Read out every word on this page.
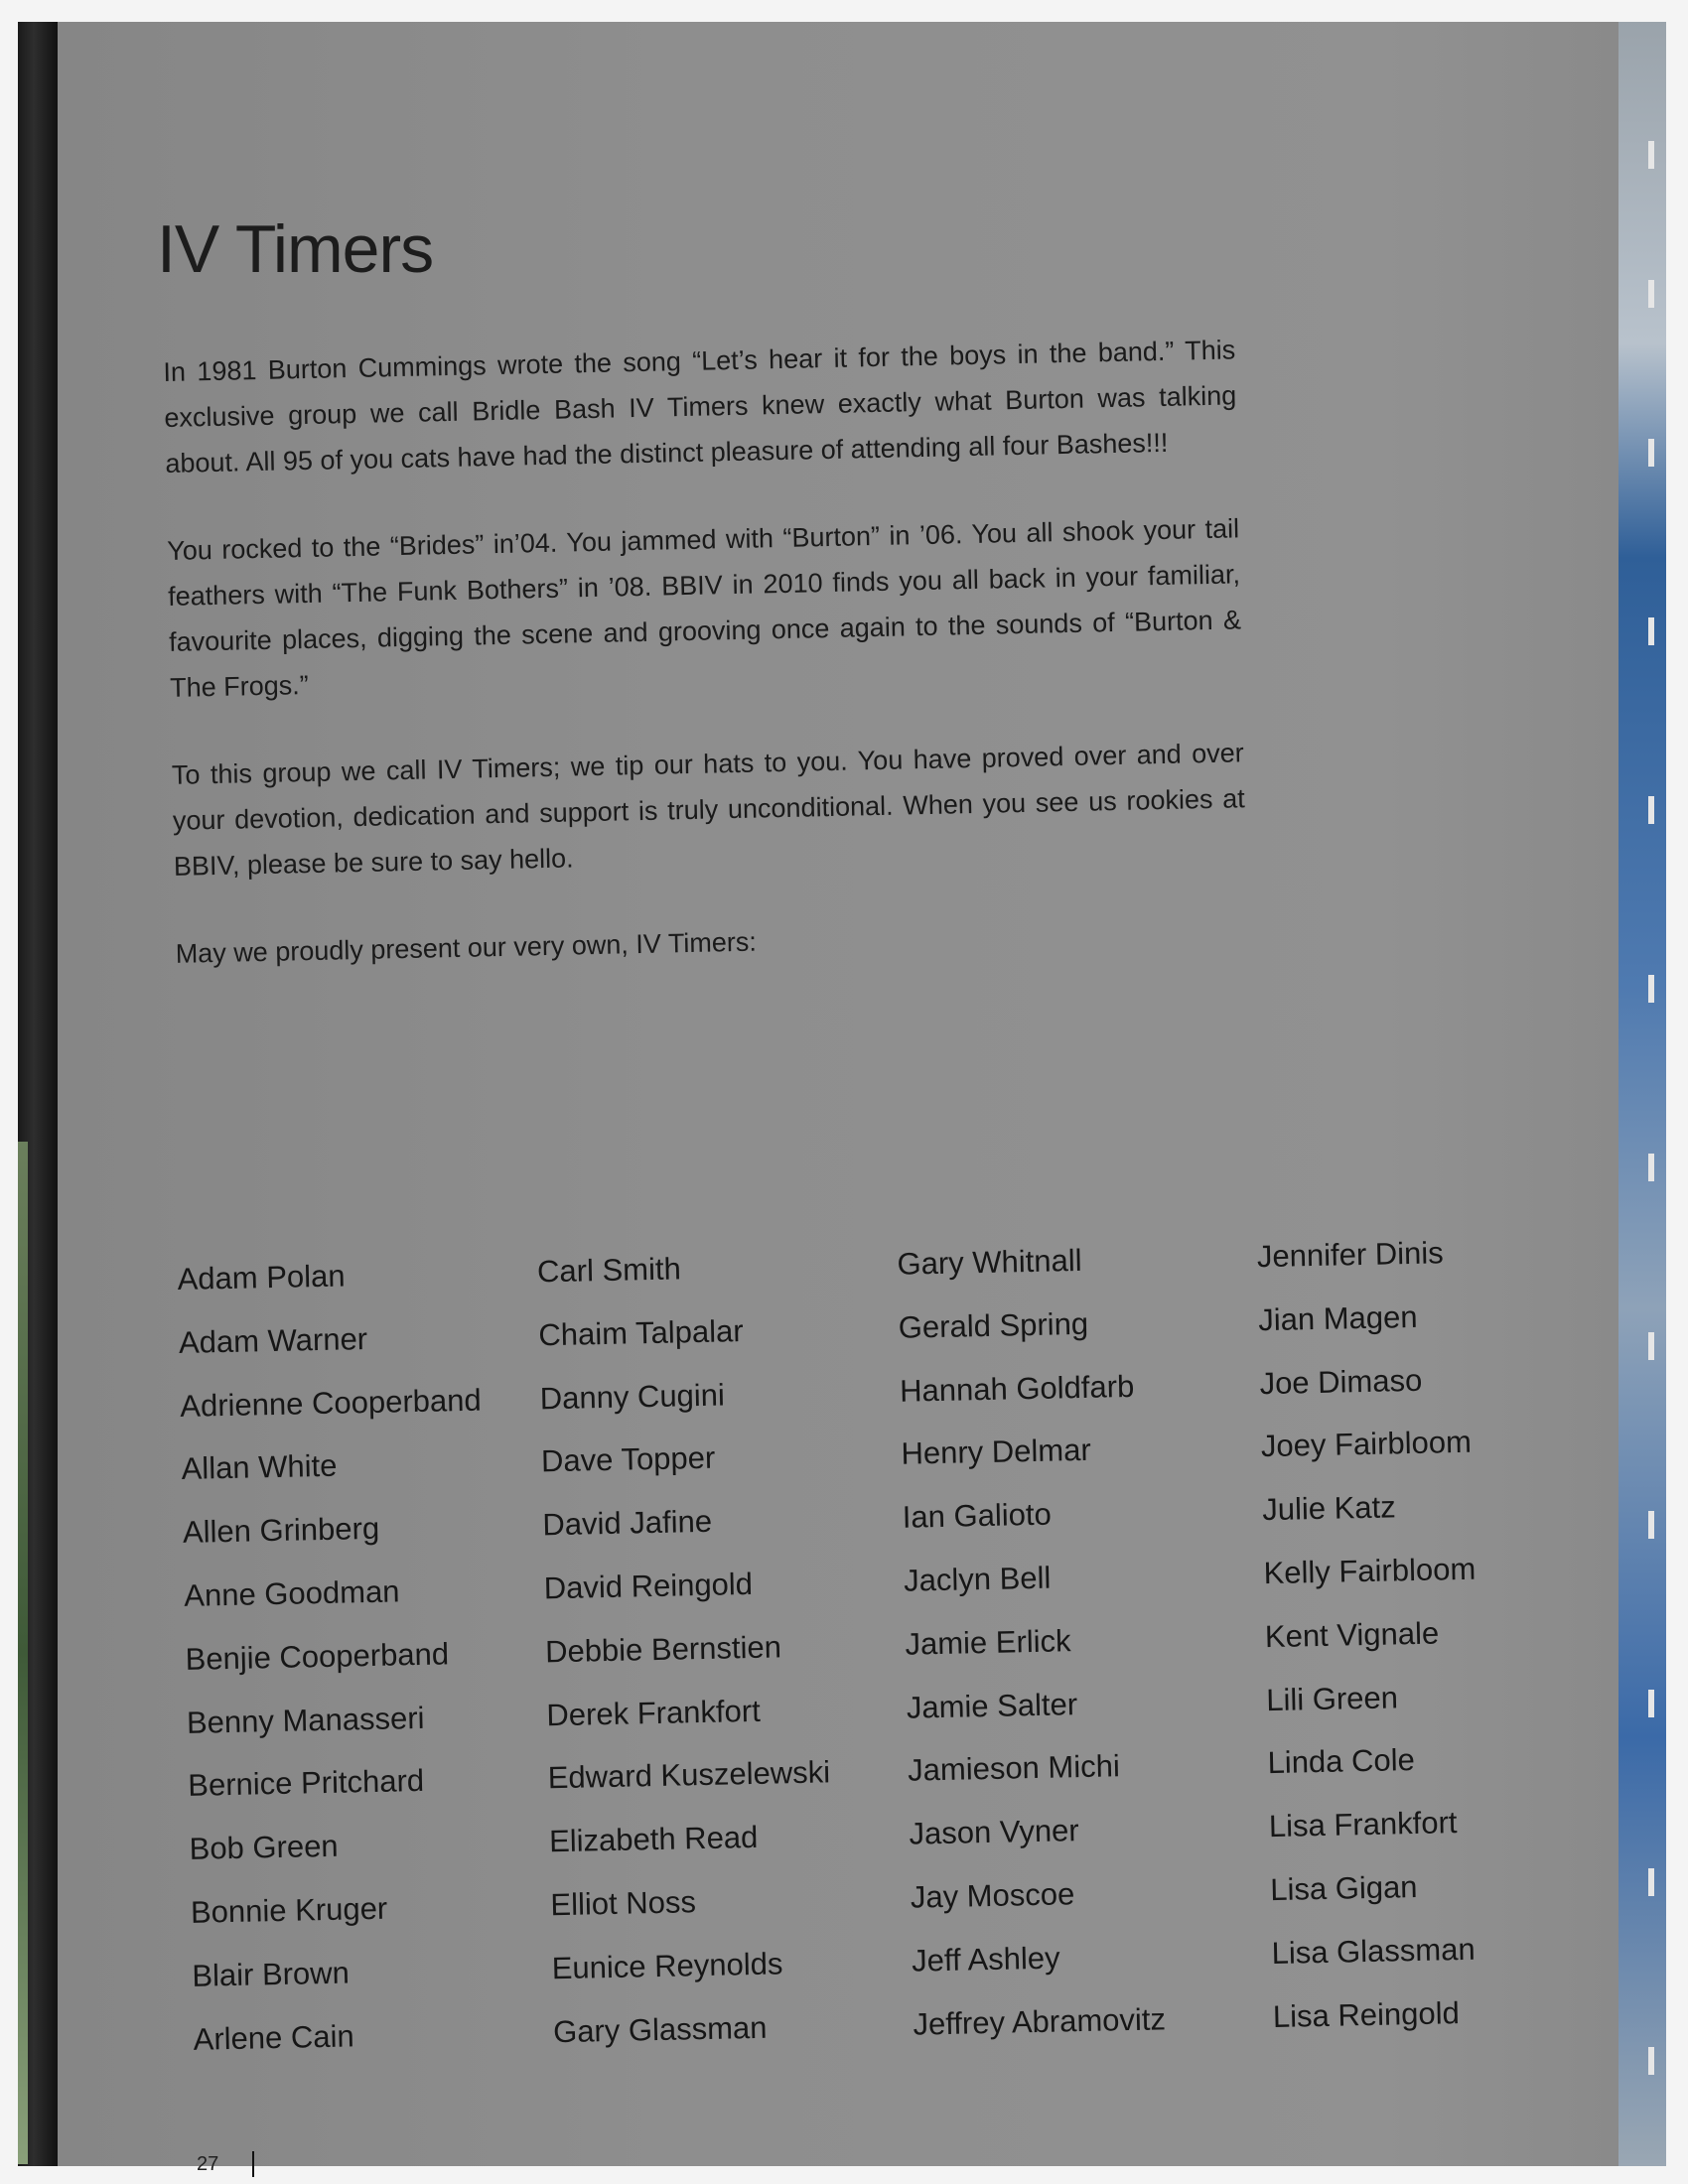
IV Timers

In 1981 Burton Cummings wrote the song “Let’s hear it for the boys in the band.” This exclusive group we call Bridle Bash IV Timers knew exactly what Burton was talking about. All 95 of you cats have had the distinct pleasure of attending all four Bashes!!!

You rocked to the “Brides” in’04. You jammed with “Burton” in ’06. You all shook your tail feathers with “The Funk Bothers” in ’08. BBIV in 2010 finds you all back in your familiar, favourite places, digging the scene and grooving once again to the sounds of “Burton & The Frogs.”

To this group we call IV Timers; we tip our hats to you. You have proved over and over your devotion, dedication and support is truly unconditional. When you see us rookies at BBIV, please be sure to say hello.

May we proudly present our very own, IV Timers:

Adam Polan
Adam Warner
Adrienne Cooperband
Allan White
Allen Grinberg
Anne Goodman
Benjie Cooperband
Benny Manasseri
Bernice Pritchard
Bob Green
Bonnie Kruger
Blair Brown
Arlene Cain
Carl Smith
Chaim Talpalar
Danny Cugini
Dave Topper
David Jafine
David Reingold
Debbie Bernstien
Derek Frankfort
Edward Kuszelewski
Elizabeth Read
Elliot Noss
Eunice Reynolds
Gary Glassman
Gary Whitnall
Gerald Spring
Hannah Goldfarb
Henry Delmar
Ian Galioto
Jaclyn Bell
Jamie Erlick
Jamie Salter
Jamieson Michi
Jason Vyner
Jay Moscoe
Jeff Ashley
Jeffrey Abramovitz
Jennifer Dinis
Jian Magen
Joe Dimaso
Joey Fairbloom
Julie Katz
Kelly Fairbloom
Kent Vignale
Lili Green
Linda Cole
Lisa Frankfort
Lisa Gigan
Lisa Glassman
Lisa Reingold
27
